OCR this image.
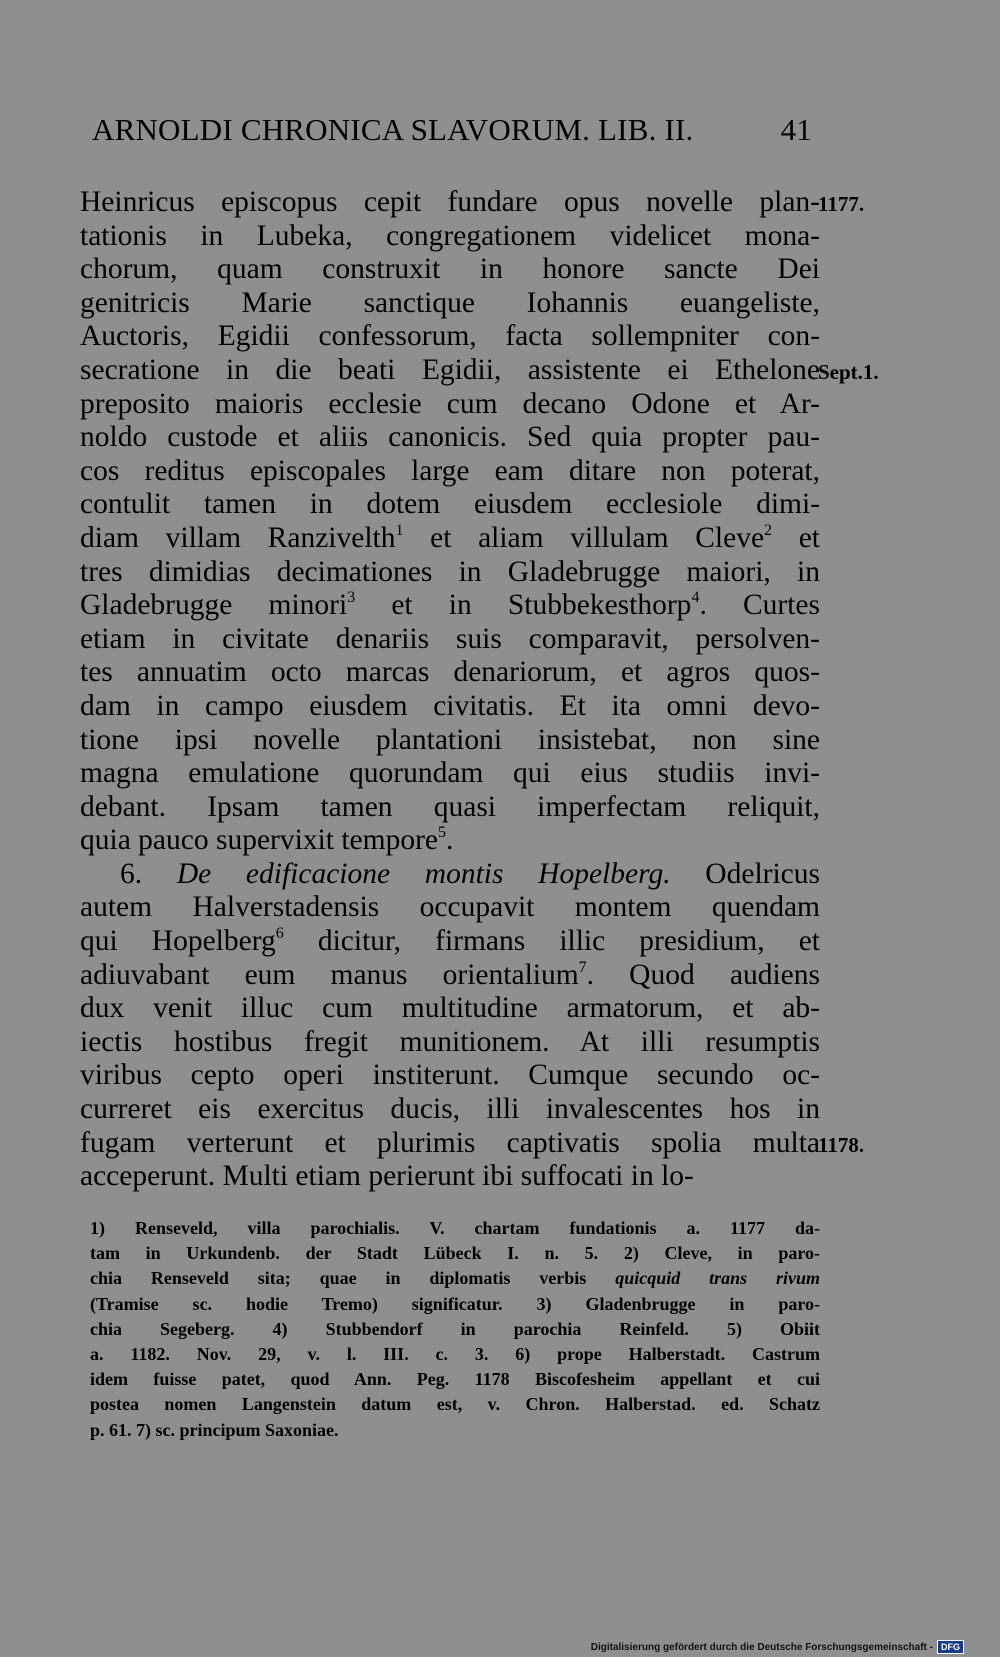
ARNOLDI CHRONICA SLAVORUM. LIB. II.	41
Heinricus episcopus cepit fundare opus novelle plan-
tationis in Lubeka, congregationem videlicet mona-
chorum, quam construxit in honore sancte Dei
genitricis Marie sanctique Iohannis euangeliste,
Auctoris, Egidii confessorum, facta sollempniter con-
secratione in die beati Egidii, assistente ei Ethelone
preposito maioris ecclesie cum decano Odone et Ar-
noldo custode et aliis canonicis. Sed quia propter pau-
cos reditus episcopales large eam ditare non poterat,
contulit tamen in dotem eiusdem ecclesiole dimi-
diam villam Ranzivelth$^1$ et aliam villulam Cleve$^2$ et
tres dimidias decimationes in Gladebrugge maiori, in
Gladebrugge minori$^3$ et in Stubbekesthorp$^4$. Curtes
etiam in civitate denariis suis comparavit, persolven-
tes annuatim octo marcas denariorum, et agros quos-
dam in campo eiusdem civitatis. Et ita omni devo-
tione ipsi novelle plantationi insistebat, non sine
magna emulatione quorundam qui eius studiis invi-
debant. Ipsam tamen quasi imperfectam reliquit,
quia pauco supervixit tempore$^5$.
6. De edificacione montis Hopelberg. Odelricus
autem Halverstadensis occupavit montem quendam
qui Hopelberg$^6$ dicitur, firmans illic presidium, et
adiuvabant eum manus orientalium$^7$. Quod audiens
dux venit illuc cum multitudine armatorum, et ab-
iectis hostibus fregit munitionem. At illi resumptis
viribus cepto operi institerunt. Cumque secundo oc-
curreret eis exercitus ducis, illi invalescentes hos in
fugam verterunt et plurimis captivatis spolia multa
acceperunt. Multi etiam perierunt ibi suffocati in lo-
1) Renseveld, villa parochialis. V. chartam fundationis a. 1177 da-
tam in Urkundenb. der Stadt Lübeck I. n. 5. 2) Cleve, in paro-
chia Renseveld sita; quae in diplomatis verbis quicquid trans rivum
(Tramise sc. hodie Tremo) significatur. 3) Gladenbrugge in paro-
chia Segeberg. 4) Stubbendorf in parochia Reinfeld. 5) Obiit
a. 1182. Nov. 29, v. l. III. c. 3. 6) prope Halberstadt. Castrum
idem fuisse patet, quod Ann. Peg. 1178 Biscofesheim appellant et cui
postea nomen Langenstein datum est, v. Chron. Halberstad. ed. Schatz
p. 61. 7) sc. principum Saxoniae.
Digitalisierung gefördert durch die Deutsche Forschungsgemeinschaft - DFG
1177.
Sept.1.
1178.
